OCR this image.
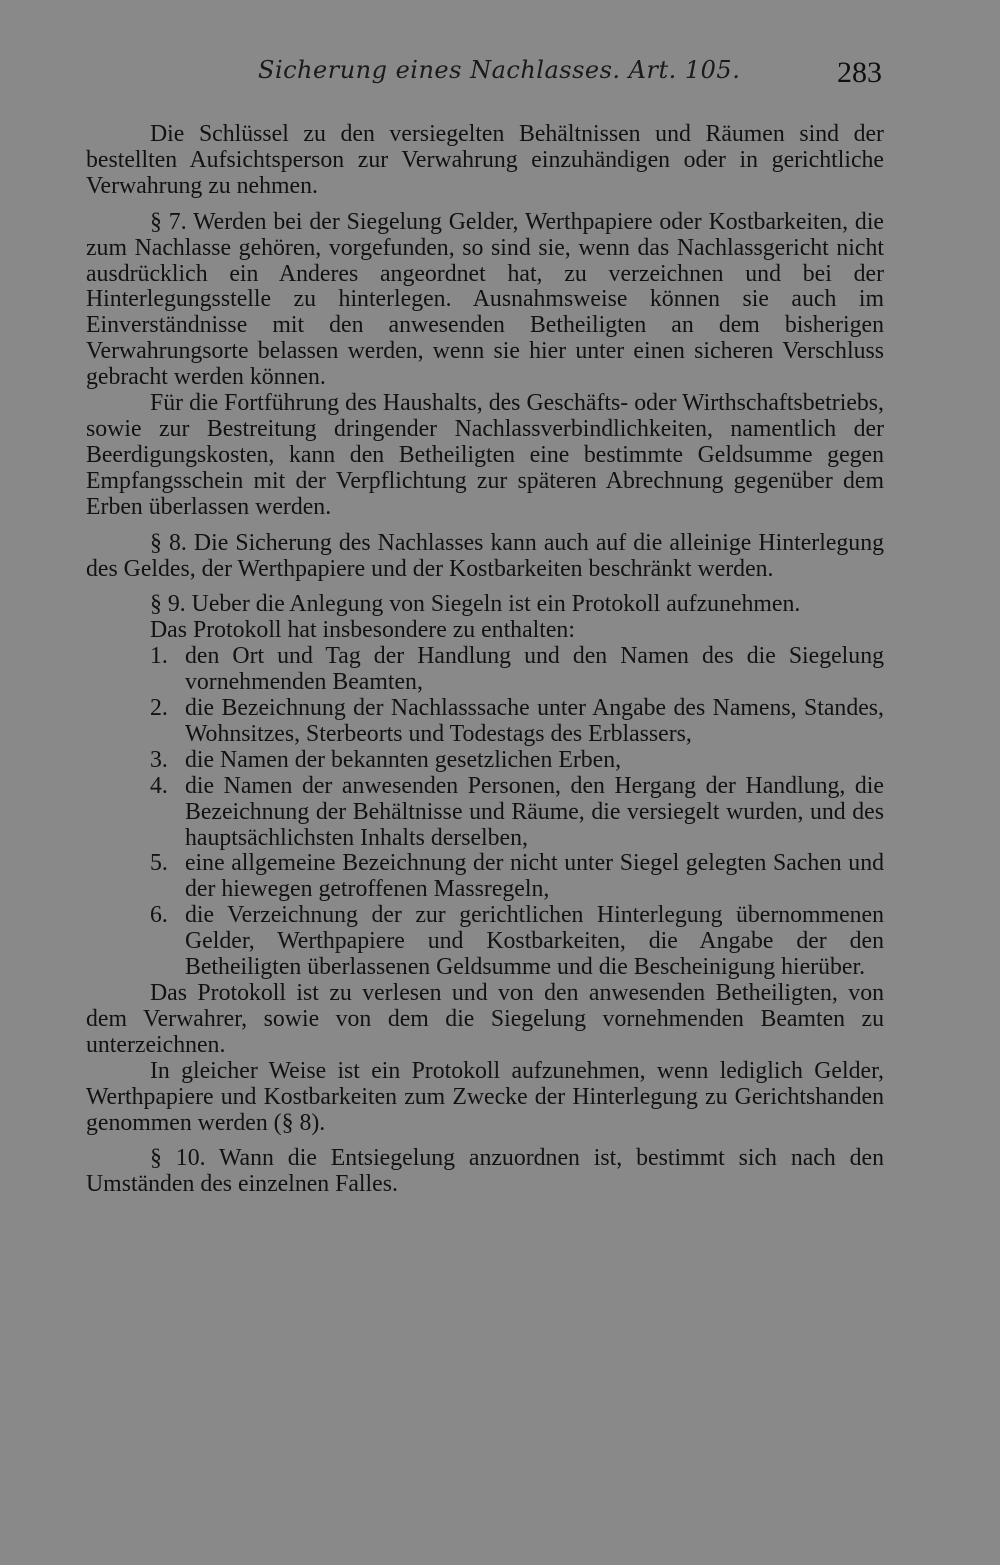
Sicherung eines Nachlasses. Art. 105.	283

Die Schlüssel zu den versiegelten Behältnissen und Räumen sind der bestellten Aufsichtsperson zur Verwahrung einzuhändigen oder in gerichtliche Verwahrung zu nehmen.

§ 7. Werden bei der Siegelung Gelder, Werthpapiere oder Kostbarkeiten, die zum Nachlasse gehören, vorgefunden, so sind sie, wenn das Nachlassgericht nicht ausdrücklich ein Anderes angeordnet hat, zu verzeichnen und bei der Hinterlegungsstelle zu hinterlegen. Ausnahmsweise können sie auch im Einverständnisse mit den anwesenden Betheiligten an dem bisherigen Verwahrungsorte belassen werden, wenn sie hier unter einen sicheren Verschluss gebracht werden können.

Für die Fortführung des Haushalts, des Geschäfts- oder Wirthschaftsbetriebs, sowie zur Bestreitung dringender Nachlassverbindlichkeiten, namentlich der Beerdigungskosten, kann den Betheiligten eine bestimmte Geldsumme gegen Empfangsschein mit der Verpflichtung zur späteren Abrechnung gegenüber dem Erben überlassen werden.

§ 8. Die Sicherung des Nachlasses kann auch auf die alleinige Hinterlegung des Geldes, der Werthpapiere und der Kostbarkeiten beschränkt werden.

§ 9. Ueber die Anlegung von Siegeln ist ein Protokoll aufzunehmen.

Das Protokoll hat insbesondere zu enthalten:

1. den Ort und Tag der Handlung und den Namen des die Siegelung vornehmenden Beamten,
2. die Bezeichnung der Nachlasssache unter Angabe des Namens, Standes, Wohnsitzes, Sterbeorts und Todestags des Erblassers,
3. die Namen der bekannten gesetzlichen Erben,
4. die Namen der anwesenden Personen, den Hergang der Handlung, die Bezeichnung der Behältnisse und Räume, die versiegelt wurden, und des hauptsächlichsten Inhalts derselben,
5. eine allgemeine Bezeichnung der nicht unter Siegel gelegten Sachen und der hiewegen getroffenen Massregeln,
6. die Verzeichnung der zur gerichtlichen Hinterlegung übernommenen Gelder, Werthpapiere und Kostbarkeiten, die Angabe der den Betheiligten überlassenen Geldsumme und die Bescheinigung hierüber.

Das Protokoll ist zu verlesen und von den anwesenden Betheiligten, von dem Verwahrer, sowie von dem die Siegelung vornehmenden Beamten zu unterzeichnen.

In gleicher Weise ist ein Protokoll aufzunehmen, wenn lediglich Gelder, Werthpapiere und Kostbarkeiten zum Zwecke der Hinterlegung zu Gerichtshanden genommen werden (§ 8).

§ 10. Wann die Entsiegelung anzuordnen ist, bestimmt sich nach den Umständen des einzelnen Falles.
